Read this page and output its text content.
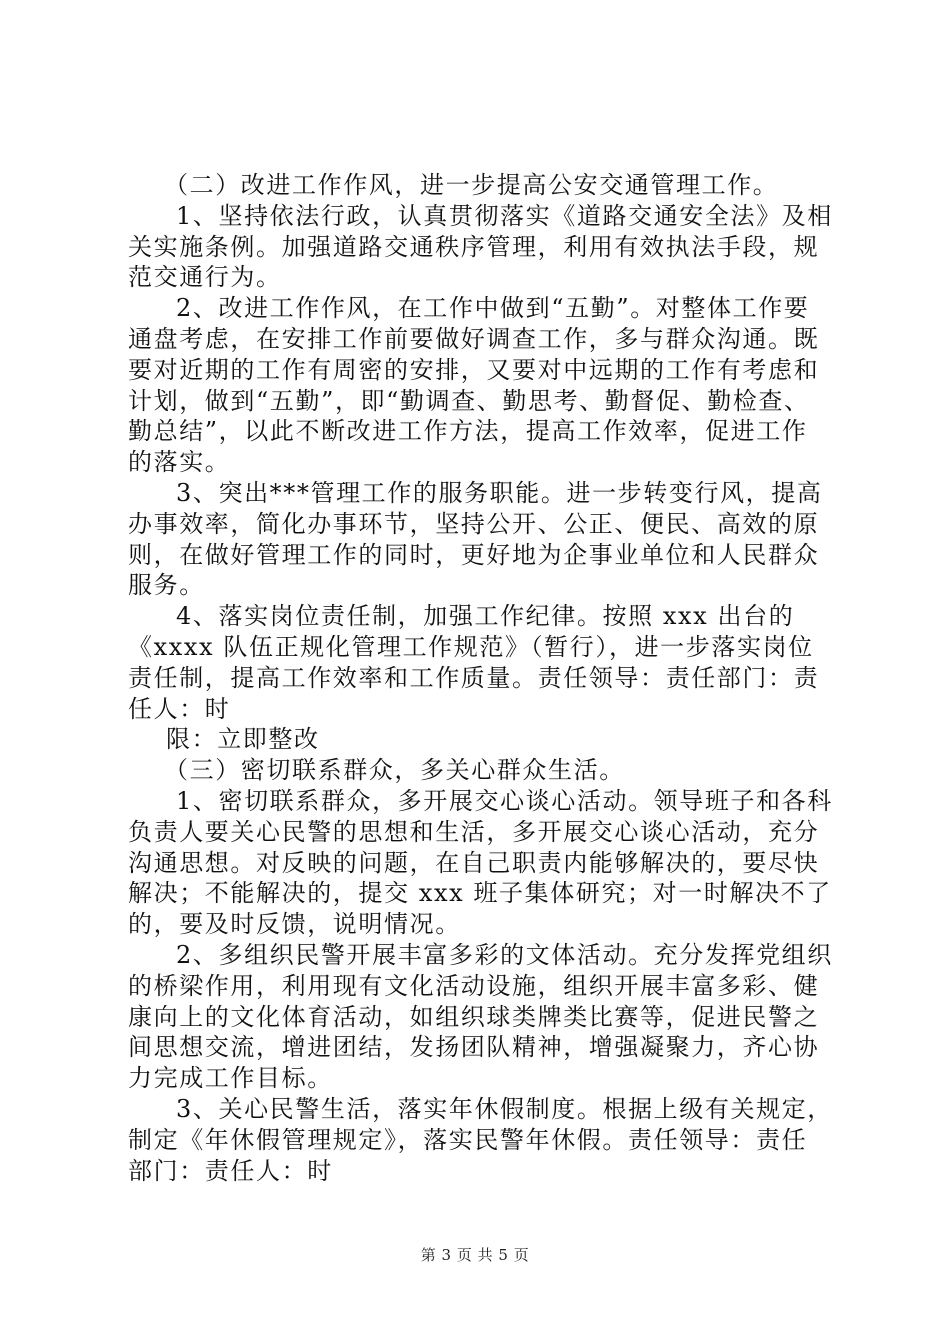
（二）改进工作作风，进一步提高公安交通管理工作。
1、坚持依法行政，认真贯彻落实《道路交通安全法》及相
关实施条例。加强道路交通秩序管理，利用有效执法手段，规
范交通行为。
2、改进工作作风，在工作中做到“五勤”。对整体工作要
通盘考虑，在安排工作前要做好调查工作，多与群众沟通。既
要对近期的工作有周密的安排，又要对中远期的工作有考虑和
计划，做到“五勤”，即“勤调查、勤思考、勤督促、勤检查、
勤总结”，以此不断改进工作方法，提高工作效率，促进工作
的落实。
3、突出***管理工作的服务职能。进一步转变行风，提高
办事效率，简化办事环节，坚持公开、公正、便民、高效的原
则，在做好管理工作的同时，更好地为企事业单位和人民群众
服务。
4、落实岗位责任制，加强工作纪律。按照 xxx 出台的
《xxxx 队伍正规化管理工作规范》（暂行），进一步落实岗位
责任制，提高工作效率和工作质量。责任领导：责任部门：责
任人：时
限：立即整改
（三）密切联系群众，多关心群众生活。
1、密切联系群众，多开展交心谈心活动。领导班子和各科
负责人要关心民警的思想和生活，多开展交心谈心活动，充分
沟通思想。对反映的问题，在自己职责内能够解决的，要尽快
解决；不能解决的，提交 xxx 班子集体研究；对一时解决不了
的，要及时反馈，说明情况。
2、多组织民警开展丰富多彩的文体活动。充分发挥党组织
的桥梁作用，利用现有文化活动设施，组织开展丰富多彩、健
康向上的文化体育活动，如组织球类牌类比赛等，促进民警之
间思想交流，增进团结，发扬团队精神，增强凝聚力，齐心协
力完成工作目标。
3、关心民警生活，落实年休假制度。根据上级有关规定，
制定《年休假管理规定》，落实民警年休假。责任领导：责任
部门：责任人：时
第 3 页 共 5 页
